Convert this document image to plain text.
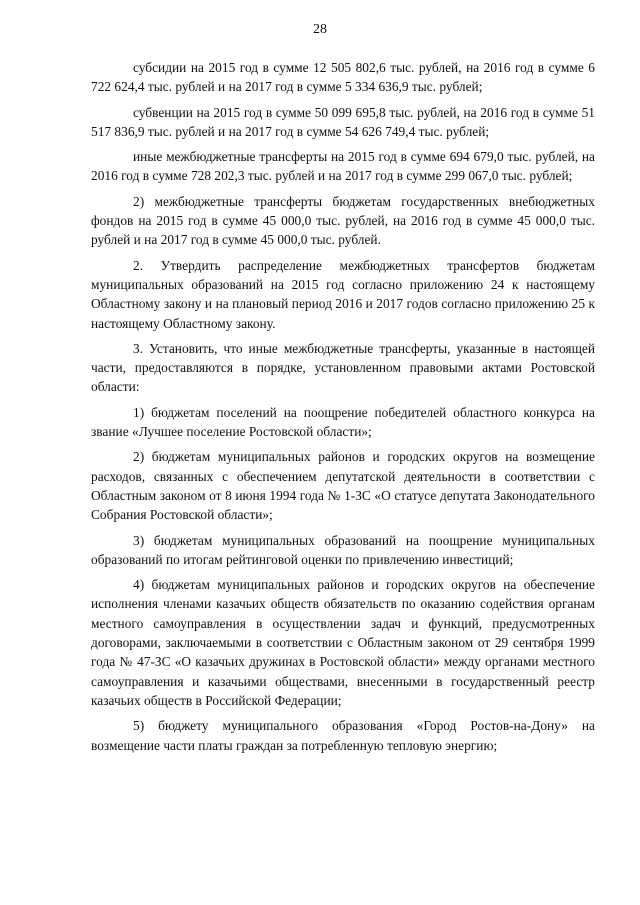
28

субсидии на 2015 год в сумме 12 505 802,6 тыс. рублей, на 2016 год в сумме 6 722 624,4 тыс. рублей и на 2017 год в сумме 5 334 636,9 тыс. рублей;

субвенции на 2015 год в сумме 50 099 695,8 тыс. рублей, на 2016 год в сумме 51 517 836,9 тыс. рублей и на 2017 год в сумме 54 626 749,4 тыс. рублей;

иные межбюджетные трансферты на 2015 год в сумме 694 679,0 тыс. рублей, на 2016 год в сумме 728 202,3 тыс. рублей и на 2017 год в сумме 299 067,0 тыс. рублей;

2) межбюджетные трансферты бюджетам государственных внебюджетных фондов на 2015 год в сумме 45 000,0 тыс. рублей, на 2016 год в сумме 45 000,0 тыс. рублей и на 2017 год в сумме 45 000,0 тыс. рублей.

2. Утвердить распределение межбюджетных трансфертов бюджетам муниципальных образований на 2015 год согласно приложению 24 к настоящему Областному закону и на плановый период 2016 и 2017 годов согласно приложению 25 к настоящему Областному закону.

3. Установить, что иные межбюджетные трансферты, указанные в настоящей части, предоставляются в порядке, установленном правовыми актами Ростовской области:

1) бюджетам поселений на поощрение победителей областного конкурса на звание «Лучшее поселение Ростовской области»;

2) бюджетам муниципальных районов и городских округов на возмещение расходов, связанных с обеспечением депутатской деятельности в соответствии с Областным законом от 8 июня 1994 года № 1-ЗС «О статусе депутата Законодательного Собрания Ростовской области»;

3) бюджетам муниципальных образований на поощрение муниципальных образований по итогам рейтинговой оценки по привлечению инвестиций;

4) бюджетам муниципальных районов и городских округов на обеспечение исполнения членами казачьих обществ обязательств по оказанию содействия органам местного самоуправления в осуществлении задач и функций, предусмотренных договорами, заключаемыми в соответствии с Областным законом от 29 сентября 1999 года № 47-ЗС «О казачьих дружинах в Ростовской области» между органами местного самоуправления и казачьими обществами, внесенными в государственный реестр казачьих обществ в Российской Федерации;

5) бюджету муниципального образования «Город Ростов-на-Дону» на возмещение части платы граждан за потребленную тепловую энергию;
